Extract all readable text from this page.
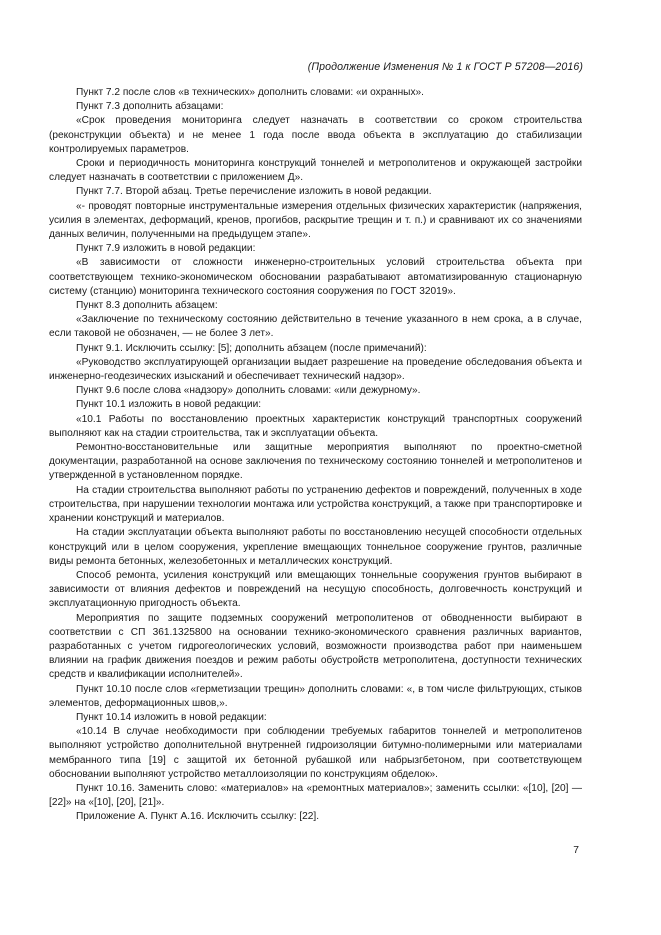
(Продолжение Изменения № 1 к ГОСТ Р 57208—2016)

Пункт 7.2 после слов «в технических» дополнить словами: «и охранных».

Пункт 7.3 дополнить абзацами:

«Срок проведения мониторинга следует назначать в соответствии со сроком строительства (реконструкции объекта) и не менее 1 года после ввода объекта в эксплуатацию до стабилизации контролируемых параметров.

Сроки и периодичность мониторинга конструкций тоннелей и метрополитенов и окружающей застройки следует назначать в соответствии с приложением Д».

Пункт 7.7. Второй абзац. Третье перечисление изложить в новой редакции.

«- проводят повторные инструментальные измерения отдельных физических характеристик (напряжения, усилия в элементах, деформаций, кренов, прогибов, раскрытие трещин и т. п.) и сравнивают их со значениями данных величин, полученными на предыдущем этапе».

Пункт 7.9 изложить в новой редакции:

«В зависимости от сложности инженерно-строительных условий строительства объекта при соответствующем технико-экономическом обосновании разрабатывают автоматизированную стационарную систему (станцию) мониторинга технического состояния сооружения по ГОСТ 32019».

Пункт 8.3 дополнить абзацем:

«Заключение по техническому состоянию действительно в течение указанного в нем срока, а в случае, если таковой не обозначен, — не более 3 лет».

Пункт 9.1. Исключить ссылку: [5]; дополнить абзацем (после примечаний):

«Руководство эксплуатирующей организации выдает разрешение на проведение обследования объекта и инженерно-геодезических изысканий и обеспечивает технический надзор».

Пункт 9.6 после слова «надзору» дополнить словами: «или дежурному».

Пункт 10.1 изложить в новой редакции:

«10.1 Работы по восстановлению проектных характеристик конструкций транспортных сооружений выполняют как на стадии строительства, так и эксплуатации объекта.

Ремонтно-восстановительные или защитные мероприятия выполняют по проектно-сметной документации, разработанной на основе заключения по техническому состоянию тоннелей и метрополитенов и утвержденной в установленном порядке.

На стадии строительства выполняют работы по устранению дефектов и повреждений, полученных в ходе строительства, при нарушении технологии монтажа или устройства конструкций, а также при транспортировке и хранении конструкций и материалов.

На стадии эксплуатации объекта выполняют работы по восстановлению несущей способности отдельных конструкций или в целом сооружения, укрепление вмещающих тоннельное сооружение грунтов, различные виды ремонта бетонных, железобетонных и металлических конструкций.

Способ ремонта, усиления конструкций или вмещающих тоннельные сооружения грунтов выбирают в зависимости от влияния дефектов и повреждений на несущую способность, долговечность конструкций и эксплуатационную пригодность объекта.

Мероприятия по защите подземных сооружений метрополитенов от обводненности выбирают в соответствии с СП 361.1325800 на основании технико-экономического сравнения различных вариантов, разработанных с учетом гидрогеологических условий, возможности производства работ при наименьшем влиянии на график движения поездов и режим работы обустройств метрополитена, доступности технических средств и квалификации исполнителей».

Пункт 10.10 после слов «герметизации трещин» дополнить словами: «, в том числе фильтрующих, стыков элементов, деформационных швов,».

Пункт 10.14 изложить в новой редакции:

«10.14 В случае необходимости при соблюдении требуемых габаритов тоннелей и метрополитенов выполняют устройство дополнительной внутренней гидроизоляции битумно-полимерными или материалами мембранного типа [19] с защитой их бетонной рубашкой или набрызгбетоном, при соответствующем обосновании выполняют устройство металлоизоляции по конструкциям обделок».

Пункт 10.16. Заменить слово: «материалов» на «ремонтных материалов»; заменить ссылки: «[10], [20] — [22]» на «[10], [20], [21]».

Приложение А. Пункт А.16. Исключить ссылку: [22].

7
